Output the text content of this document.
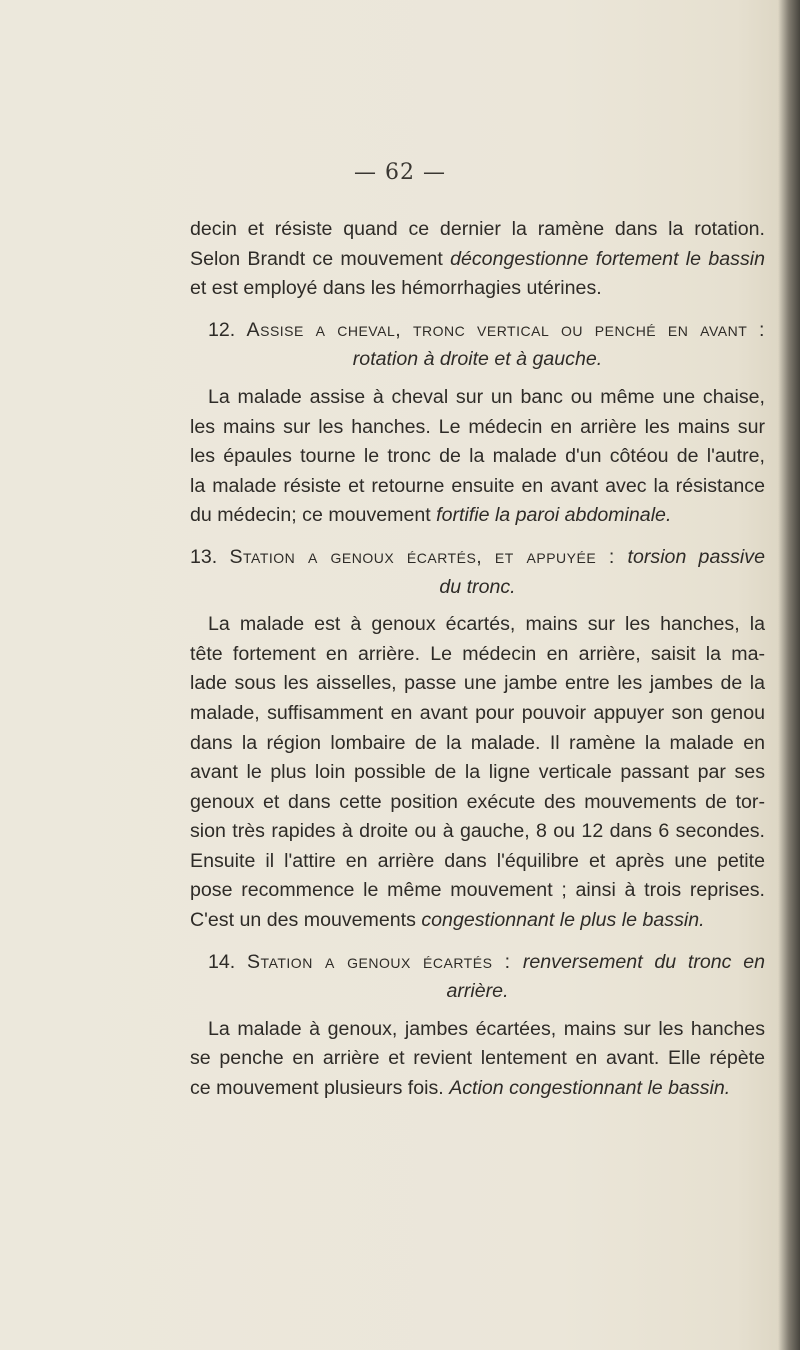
— 62 —

decin et résiste quand ce dernier la ramène dans la rotation.

Selon Brandt ce mouvement décongestionne fortement le bassin

et est employé dans les hémorrhagies utérines.

12. Assise a cheval, tronc vertical ou penché en avant :

rotation à droite et à gauche.

La malade assise à cheval sur un banc ou même une chaise,

les mains sur les hanches. Le médecin en arrière les mains sur

les épaules tourne le tronc de la malade d'un côtéou de l'autre,

la malade résiste et retourne ensuite en avant avec la résistance

du médecin; ce mouvement fortifie la paroi abdominale.

13. Station a genoux écartés, et appuyée : torsion passive

du tronc.

La malade est à genoux écartés, mains sur les hanches, la

tête fortement en arrière. Le médecin en arrière, saisit la ma-

lade sous les aisselles, passe une jambe entre les jambes de la

malade, suffisamment en avant pour pouvoir appuyer son genou

dans la région lombaire de la malade. Il ramène la malade en

avant le plus loin possible de la ligne verticale passant par ses

genoux et dans cette position exécute des mouvements de tor-

sion très rapides à droite ou à gauche, 8 ou 12 dans 6 secondes.

Ensuite il l'attire en arrière dans l'équilibre et après une petite

pose recommence le même mouvement ; ainsi à trois reprises.

C'est un des mouvements congestionnant le plus le bassin.

14. Station a genoux écartés : renversement du tronc en

arrière.

La malade à genoux, jambes écartées, mains sur les hanches

se penche en arrière et revient lentement en avant. Elle répète

ce mouvement plusieurs fois. Action congestionnant le bassin.
